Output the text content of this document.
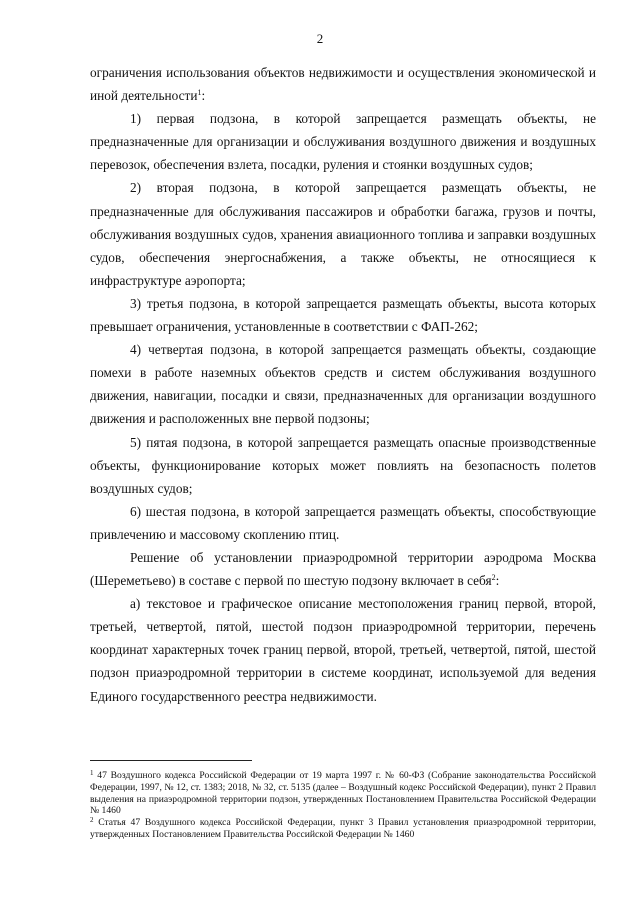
2

ограничения использования объектов недвижимости и осуществления экономической и иной деятельности$^1$:

1) первая подзона, в которой запрещается размещать объекты, не предназначенные для организации и обслуживания воздушного движения и воздушных перевозок, обеспечения взлета, посадки, руления и стоянки воздушных судов;

2) вторая подзона, в которой запрещается размещать объекты, не предназначенные для обслуживания пассажиров и обработки багажа, грузов и почты, обслуживания воздушных судов, хранения авиационного топлива и заправки воздушных судов, обеспечения энергоснабжения, а также объекты, не относящиеся к инфраструктуре аэропорта;

3) третья подзона, в которой запрещается размещать объекты, высота которых превышает ограничения, установленные в соответствии с ФАП-262;

4) четвертая подзона, в которой запрещается размещать объекты, создающие помехи в работе наземных объектов средств и систем обслуживания воздушного движения, навигации, посадки и связи, предназначенных для организации воздушного движения и расположенных вне первой подзоны;

5) пятая подзона, в которой запрещается размещать опасные производственные объекты, функционирование которых может повлиять на безопасность полетов воздушных судов;

6) шестая подзона, в которой запрещается размещать объекты, способствующие привлечению и массовому скоплению птиц.

Решение об установлении приаэродромной территории аэродрома Москва (Шереметьево) в составе с первой по шестую подзону включает в себя$^2$:

а) текстовое и графическое описание местоположения границ первой, второй, третьей, четвертой, пятой, шестой подзон приаэродромной территории, перечень координат характерных точек границ первой, второй, третьей, четвертой, пятой, шестой подзон приаэродромной территории в системе координат, используемой для ведения Единого государственного реестра недвижимости.

$^1$ 47 Воздушного кодекса Российской Федерации от 19 марта 1997 г. № 60-ФЗ (Собрание законодательства Российской Федерации, 1997, № 12, ст. 1383; 2018, № 32, ст. 5135 (далее – Воздушный кодекс Российской Федерации), пункт 2 Правил выделения на приаэродромной территории подзон, утвержденных Постановлением Правительства Российской Федерации № 1460

$^2$ Статья 47 Воздушного кодекса Российской Федерации, пункт 3 Правил установления приаэродромной территории, утвержденных Постановлением Правительства Российской Федерации № 1460
